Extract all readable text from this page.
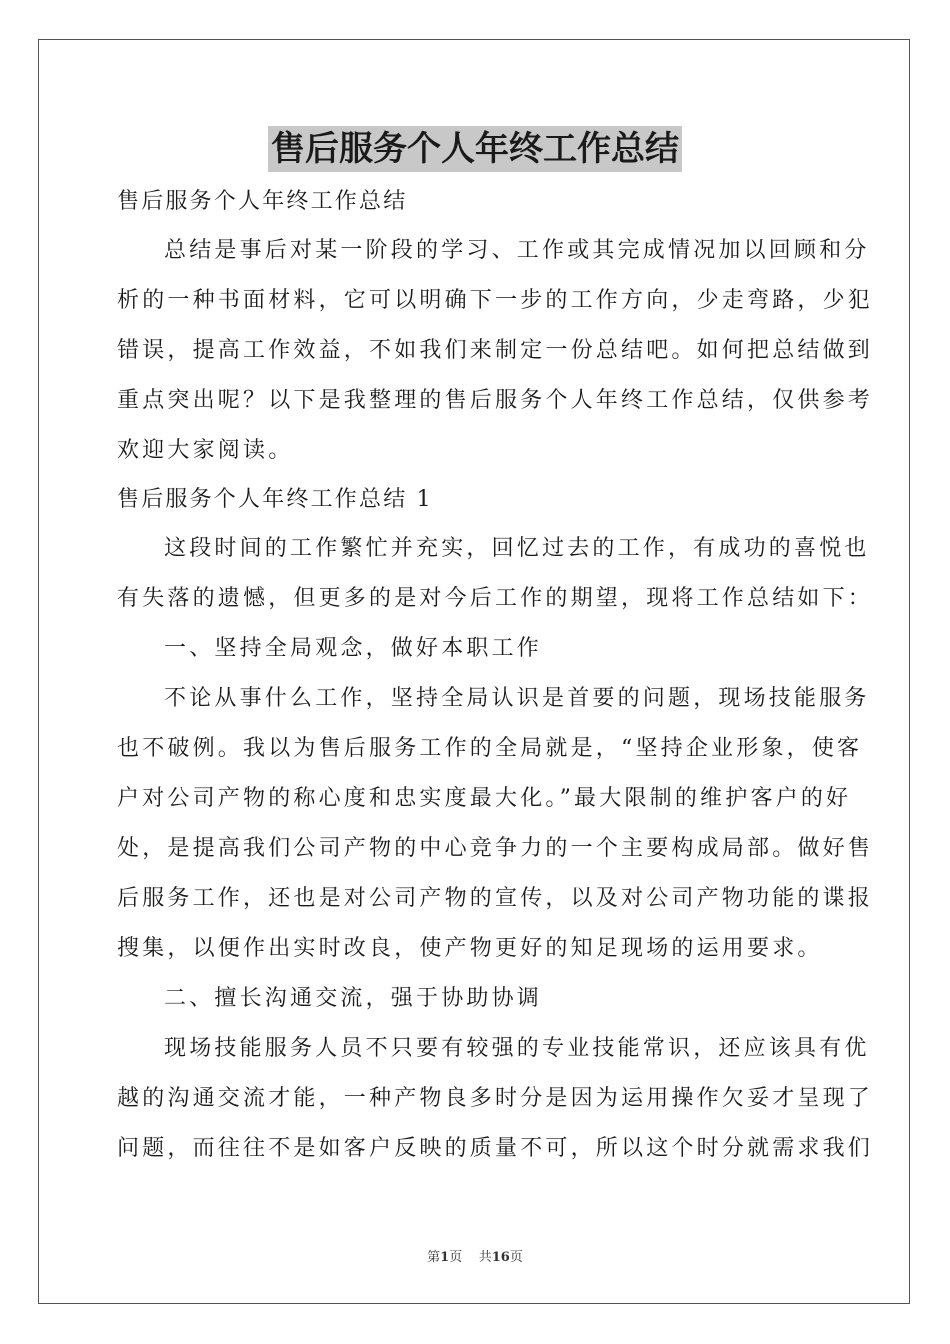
售后服务个人年终工作总结
售后服务个人年终工作总结
总结是事后对某一阶段的学习、工作或其完成情况加以回顾和分
析的一种书面材料，它可以明确下一步的工作方向，少走弯路，少犯
错误，提高工作效益，不如我们来制定一份总结吧。如何把总结做到
重点突出呢？以下是我整理的售后服务个人年终工作总结，仅供参考
欢迎大家阅读。
售后服务个人年终工作总结 1
这段时间的工作繁忙并充实，回忆过去的工作，有成功的喜悦也
有失落的遗憾，但更多的是对今后工作的期望，现将工作总结如下：
一、坚持全局观念，做好本职工作
不论从事什么工作，坚持全局认识是首要的问题，现场技能服务
也不破例。我以为售后服务工作的全局就是，“坚持企业形象，使客
户对公司产物的称心度和忠实度最大化。”最大限制的维护客户的好
处，是提高我们公司产物的中心竞争力的一个主要构成局部。做好售
后服务工作，还也是对公司产物的宣传，以及对公司产物功能的谍报
搜集，以便作出实时改良，使产物更好的知足现场的运用要求。
二、擅长沟通交流，强于协助协调
现场技能服务人员不只要有较强的专业技能常识，还应该具有优
越的沟通交流才能，一种产物良多时分是因为运用操作欠妥才呈现了
问题，而往往不是如客户反映的质量不可，所以这个时分就需求我们
第1页 共16页
